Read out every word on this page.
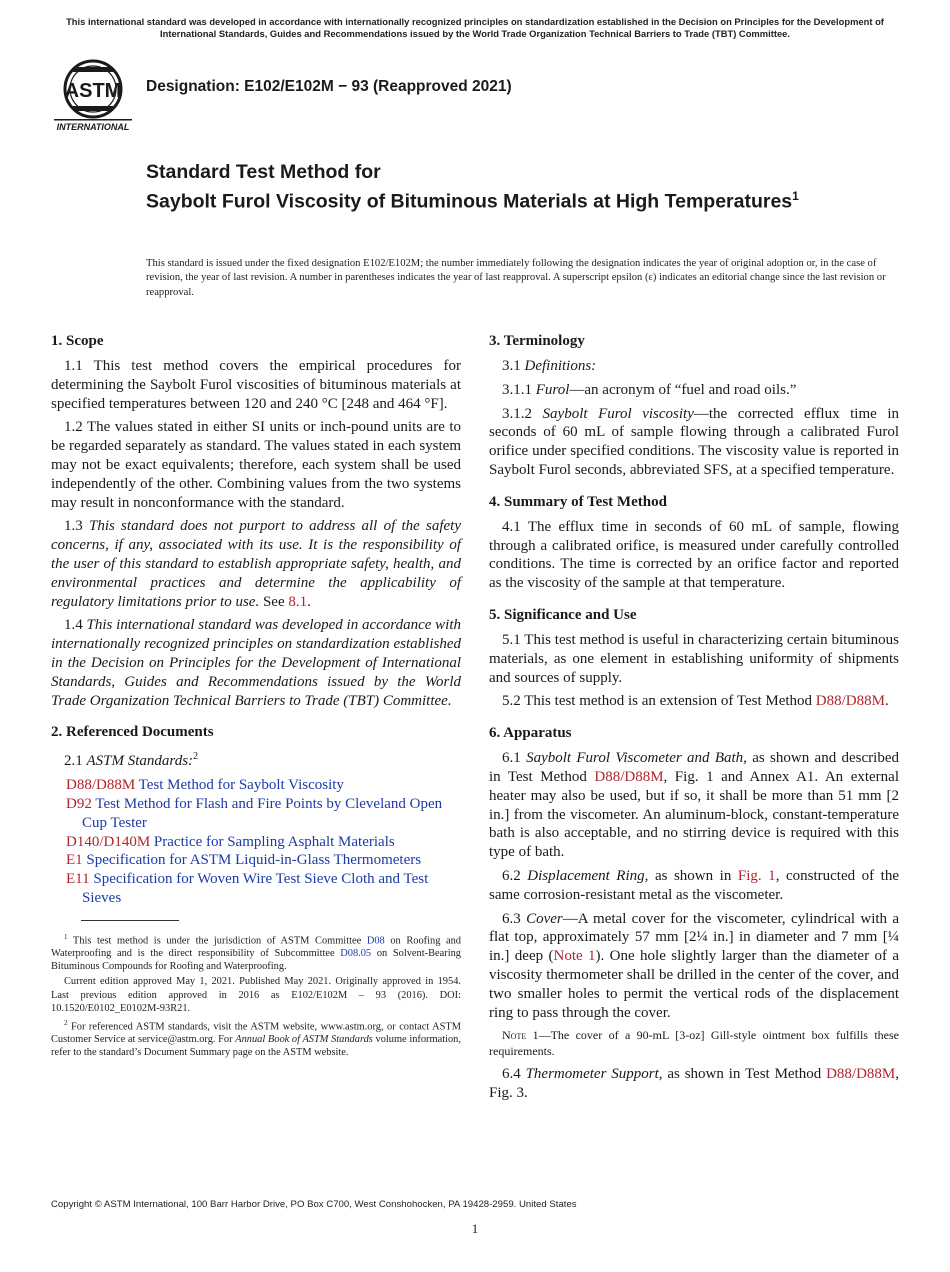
This international standard was developed in accordance with internationally recognized principles on standardization established in the Decision on Principles for the Development of International Standards, Guides and Recommendations issued by the World Trade Organization Technical Barriers to Trade (TBT) Committee.
ASTM
INTERNATIONAL
Designation: E102/E102M − 93 (Reapproved 2021)
Standard Test Method for
Saybolt Furol Viscosity of Bituminous Materials at High Temperatures$^1$
This standard is issued under the fixed designation E102/E102M; the number immediately following the designation indicates the year of original adoption or, in the case of revision, the year of last revision. A number in parentheses indicates the year of last reapproval. A superscript epsilon (ε) indicates an editorial change since the last revision or reapproval.
1. Scope

1.1 This test method covers the empirical procedures for determining the Saybolt Furol viscosities of bituminous materials at specified temperatures between 120 and 240 °C [248 and 464 °F].

1.2 The values stated in either SI units or inch-pound units are to be regarded separately as standard. The values stated in each system may not be exact equivalents; therefore, each system shall be used independently of the other. Combining values from the two systems may result in nonconformance with the standard.

1.3 This standard does not purport to address all of the safety concerns, if any, associated with its use. It is the responsibility of the user of this standard to establish appropriate safety, health, and environmental practices and determine the applicability of regulatory limitations prior to use. See 8.1.

1.4 This international standard was developed in accordance with internationally recognized principles on standardization established in the Decision on Principles for the Development of International Standards, Guides and Recommendations issued by the World Trade Organization Technical Barriers to Trade (TBT) Committee.

2. Referenced Documents

2.1 ASTM Standards:$^2$

D88/D88M Test Method for Saybolt Viscosity
D92 Test Method for Flash and Fire Points by Cleveland Open Cup Tester
D140/D140M Practice for Sampling Asphalt Materials
E1 Specification for ASTM Liquid-in-Glass Thermometers
E11 Specification for Woven Wire Test Sieve Cloth and Test Sieves

$^1$ This test method is under the jurisdiction of ASTM Committee D08 on Roofing and Waterproofing and is the direct responsibility of Subcommittee D08.05 on Solvent-Bearing Bituminous Compounds for Roofing and Waterproofing.

Current edition approved May 1, 2021. Published May 2021. Originally approved in 1954. Last previous edition approved in 2016 as E102/E102M – 93 (2016). DOI: 10.1520/E0102_E0102M-93R21.

$^2$ For referenced ASTM standards, visit the ASTM website, www.astm.org, or contact ASTM Customer Service at service@astm.org. For Annual Book of ASTM Standards volume information, refer to the standard’s Document Summary page on the ASTM website.

3. Terminology

3.1 Definitions:

3.1.1 Furol—an acronym of “fuel and road oils.”

3.1.2 Saybolt Furol viscosity—the corrected efflux time in seconds of 60 mL of sample flowing through a calibrated Furol orifice under specified conditions. The viscosity value is reported in Saybolt Furol seconds, abbreviated SFS, at a specified temperature.

4. Summary of Test Method

4.1 The efflux time in seconds of 60 mL of sample, flowing through a calibrated orifice, is measured under carefully controlled conditions. The time is corrected by an orifice factor and reported as the viscosity of the sample at that temperature.

5. Significance and Use

5.1 This test method is useful in characterizing certain bituminous materials, as one element in establishing uniformity of shipments and sources of supply.

5.2 This test method is an extension of Test Method D88/D88M.

6. Apparatus

6.1 Saybolt Furol Viscometer and Bath, as shown and described in Test Method D88/D88M, Fig. 1 and Annex A1. An external heater may also be used, but if so, it shall be more than 51 mm [2 in.] from the viscometer. An aluminum-block, constant-temperature bath is also acceptable, and no stirring device is required with this type of bath.

6.2 Displacement Ring, as shown in Fig. 1, constructed of the same corrosion-resistant metal as the viscometer.

6.3 Cover—A metal cover for the viscometer, cylindrical with a flat top, approximately 57 mm [2¼ in.] in diameter and 7 mm [¼ in.] deep (Note 1). One hole slightly larger than the diameter of a viscosity thermometer shall be drilled in the center of the cover, and two smaller holes to permit the vertical rods of the displacement ring to pass through the cover.

Note 1—The cover of a 90-mL [3-oz] Gill-style ointment box fulfills these requirements.

6.4 Thermometer Support, as shown in Test Method D88/D88M, Fig. 3.

Copyright © ASTM International, 100 Barr Harbor Drive, PO Box C700, West Conshohocken, PA 19428-2959. United States
1
